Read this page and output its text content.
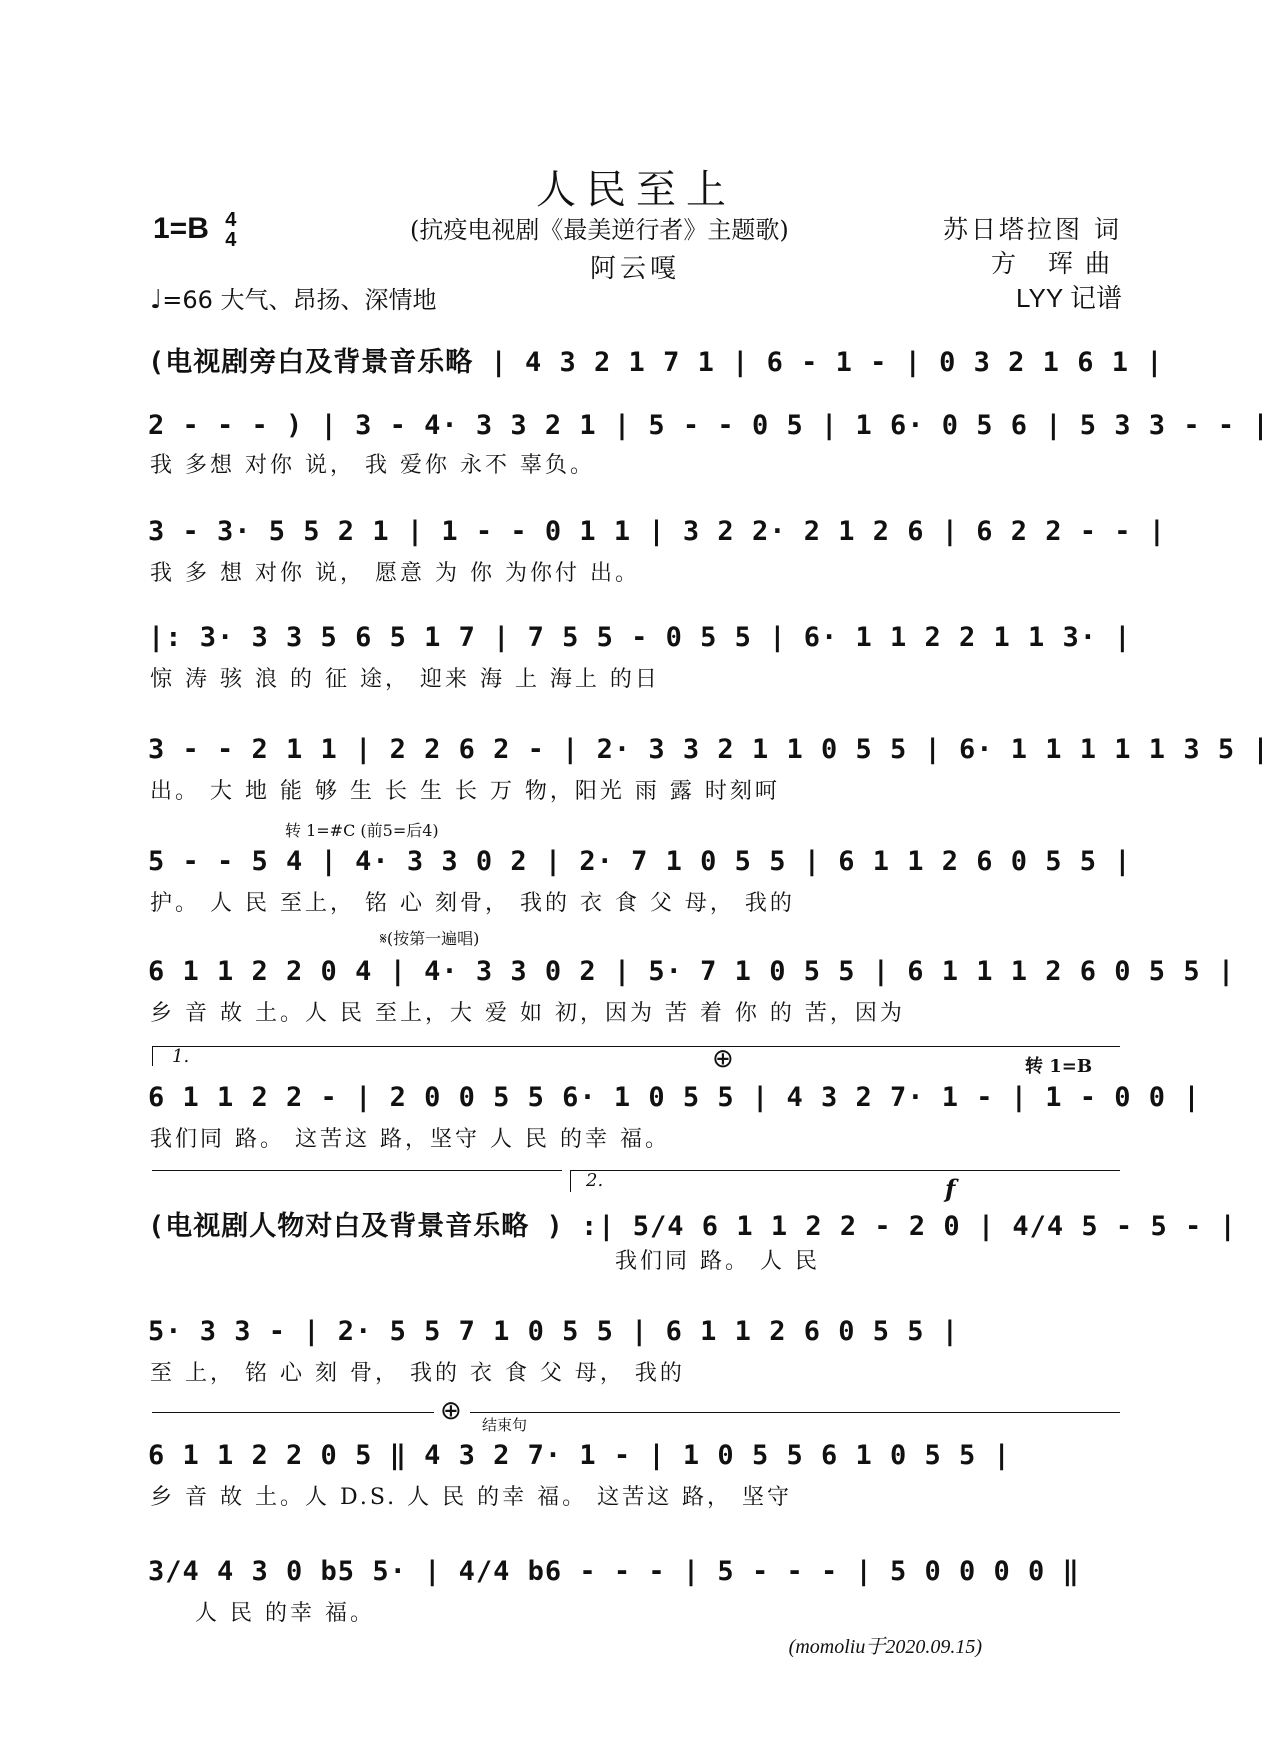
人民至上
1=B 4
4	(抗疫电视剧《最美逆行者》主题歌)
阿云嘎
苏日塔拉图 词
方 珲曲
LYY 记谱
♩=66 大气、昂扬、深情地
(电视剧旁白及背景音乐略 | 4 3 2 1 7 1 | 6 - 1 - | 0 3 2 1 6 1 |
2 - - - ) | 3 - 4· 3 3 2 1 | 5 - - 0 5 | 1 6· 0 5 6 | 5 3 3 - - |
我 多想 对你 说， 我 爱你 永不 辜负。
3 - 3· 5 5 2 1 | 1 - - 0 1 1 | 3 2 2· 2 1 2 6 | 6 2 2 - - |
我 多 想 对你 说， 愿意 为 你 为你付 出。
|: 3· 3 3 5 6 5 1 7 | 7 5 5 - 0 5 5 | 6· 1 1 2 2 1 1 3· |
惊 涛 骇 浪 的 征 途， 迎来 海 上 海上 的日
3 - - 2 1 1 | 2 2 6 2 - | 2· 3 3 2 1 1 0 5 5 | 6· 1 1 1 1 1 3 5 |
出。 大 地 能 够 生 长 生 长 万 物，阳光 雨 露 时刻呵
转 1=#C (前5=后4)
5 - - 5 4 | 4· 3 3 0 2 | 2· 7 1 0 5 5 | 6 1 1 2 6 0 5 5 |
护。 人 民 至上， 铭 心 刻骨， 我的 衣 食 父 母， 我的
𝄋(按第一遍唱)
6 1 1 2 2 0 4 | 4· 3 3 0 2 | 5· 7 1 0 5 5 | 6 1 1 1 2 6 0 5 5 |
乡 音 故 土。人 民 至上，大 爱 如 初，因为 苦 着 你 的 苦，因为
1.	⊕	转 1=B
6 1 1 2 2 - | 2 0 0 5 5 6· 1 0 5 5 | 4 3 2 7· 1 - | 1 - 0 0 |
我们同 路。 这苦这 路，坚守 人 民 的幸 福。
2.	f
(电视剧人物对白及背景音乐略 ) :| 5/4 6 1 1 2 2 - 2 0 | 4/4 5 - 5 - |
我们同 路。 人 民
5· 3 3 - | 2· 5 5 7 1 0 5 5 | 6 1 1 2 6 0 5 5 |
至 上， 铭 心 刻 骨， 我的 衣 食 父 母， 我的
⊕ 结束句
6 1 1 2 2 0 5 ‖ 4 3 2 7· 1 - | 1 0 5 5 6 1 0 5 5 |
乡 音 故 土。人 D.S. 人 民 的幸 福。 这苦这 路， 坚守
3/4 4 3 0 b5 5· | 4/4 b6 - - - | 5 - - - | 5 0 0 0 0 ‖
人 民 的幸 福。
(momoliu于2020.09.15)
